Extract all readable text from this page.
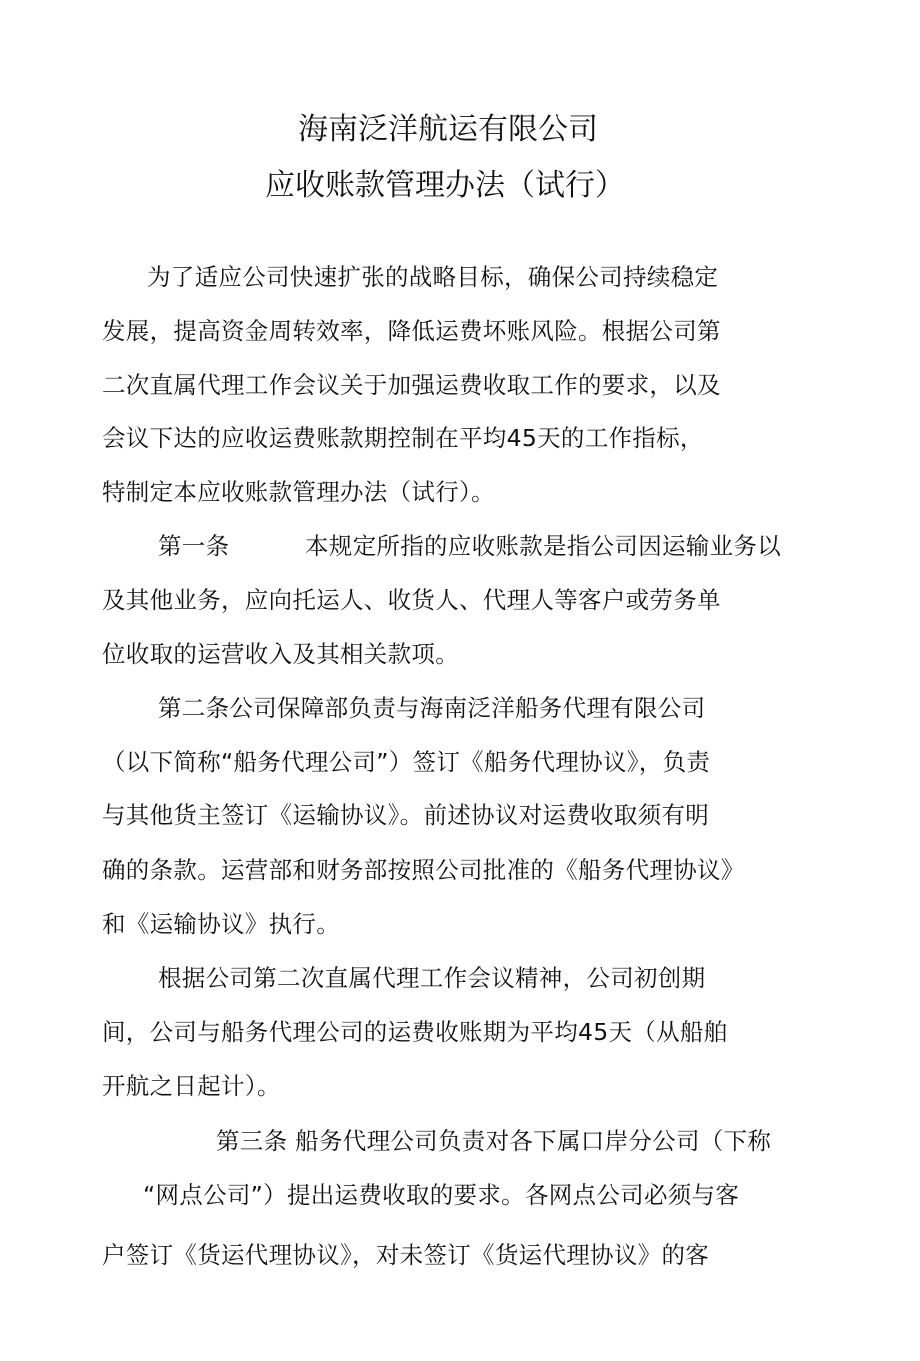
海南泛洋航运有限公司
应收账款管理办法（试行）
为了适应公司快速扩张的战略目标，确保公司持续稳定
发展，提高资金周转效率，降低运费坏账风险。根据公司第
二次直属代理工作会议关于加强运费收取工作的要求，以及
会议下达的应收运费账款期控制在平均45天的工作指标，
特制定本应收账款管理办法（试行）。
第一条	本规定所指的应收账款是指公司因运输业务以
及其他业务，应向托运人、收货人、代理人等客户或劳务单
位收取的运营收入及其相关款项。
第二条公司保障部负责与海南泛洋船务代理有限公司
（以下简称“船务代理公司”）签订《船务代理协议》，负责
与其他货主签订《运输协议》。前述协议对运费收取须有明
确的条款。运营部和财务部按照公司批准的《船务代理协议》
和《运输协议》执行。
根据公司第二次直属代理工作会议精神，公司初创期
间，公司与船务代理公司的运费收账期为平均45天（从船舶
开航之日起计）。
第三条 船务代理公司负责对各下属口岸分公司（下称
“网点公司”）提出运费收取的要求。各网点公司必须与客
户签订《货运代理协议》，对未签订《货运代理协议》的客
